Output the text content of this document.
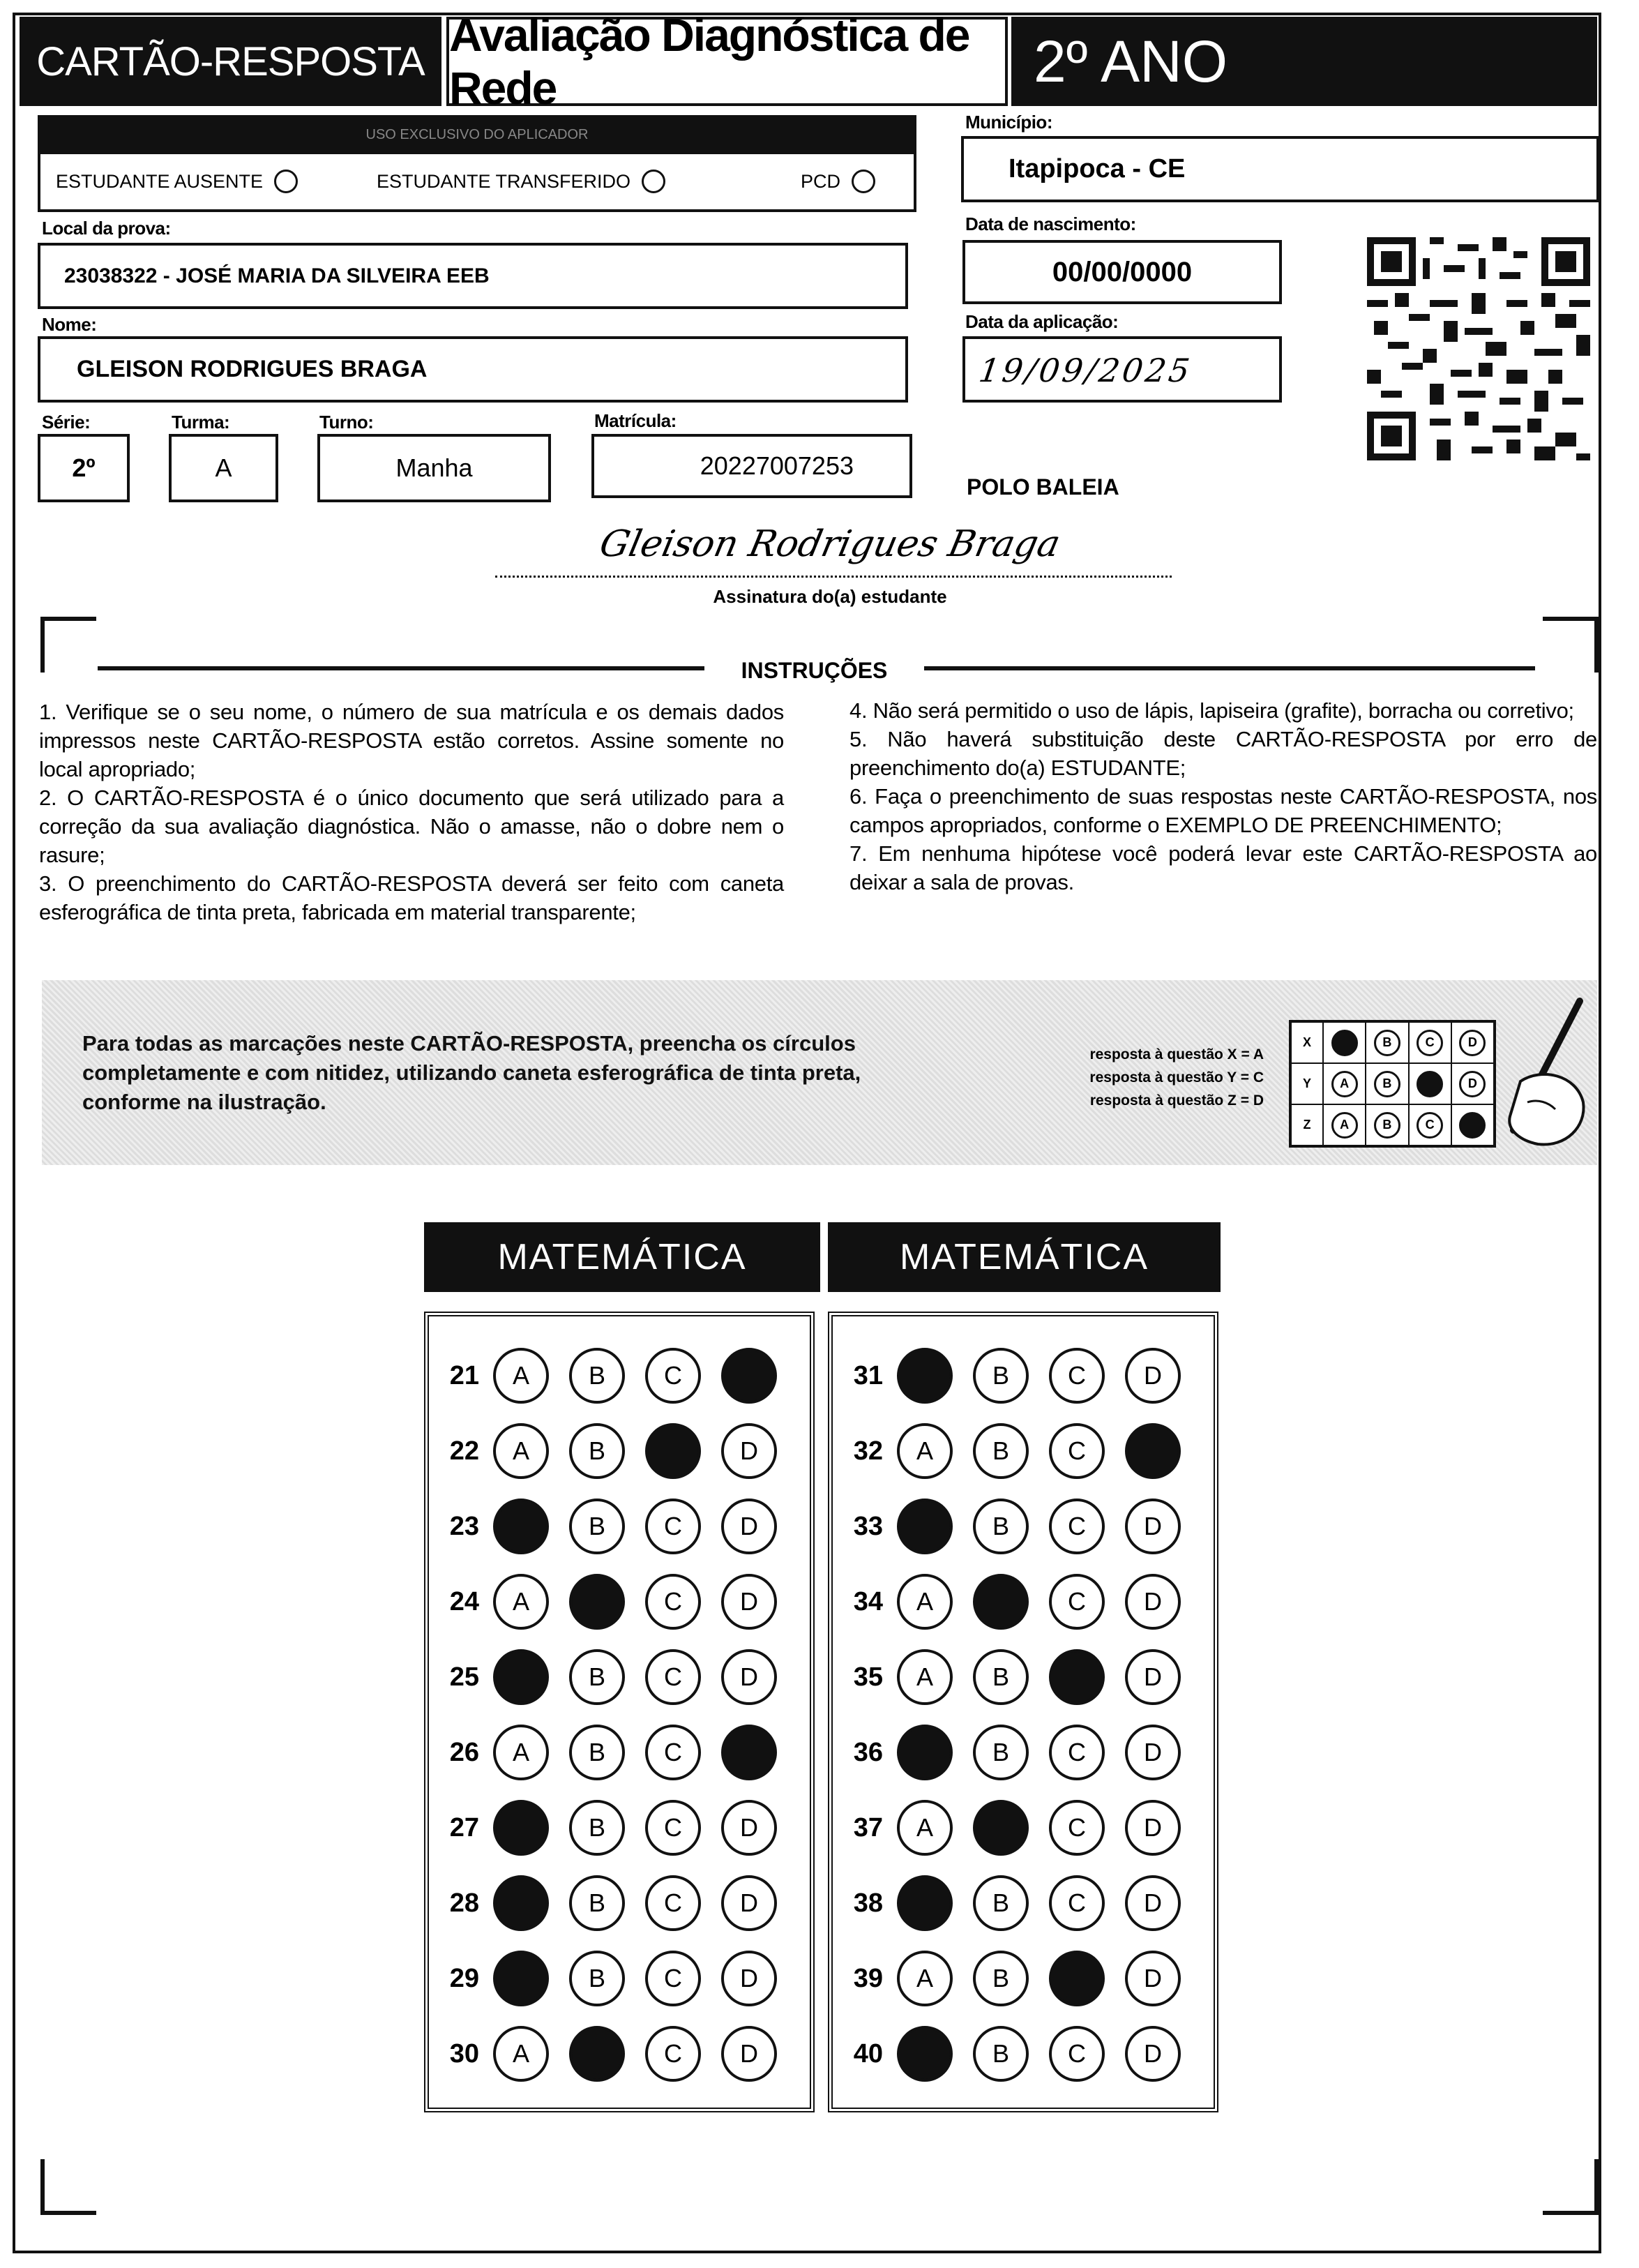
CARTÃO-RESPOSTA
Avaliação Diagnóstica de Rede	2º ANO
USO EXCLUSIVO DO APLICADOR
ESTUDANTE AUSENTE	ESTUDANTE TRANSFERIDO	PCD
Local da prova:
23038322 - JOSÉ MARIA DA SILVEIRA EEB
Nome:
GLEISON RODRIGUES BRAGA
Série:
2º
Turma:
A
Turno:
Manha
Matrícula:
20227007253
Município:
Itapipoca - CE
Data de nascimento:
00/00/0000
Data da aplicação:
19/09/2025
POLO BALEIA
Gleison Rodrigues Braga
Assinatura do(a) estudante
INSTRUÇÕES

1. Verifique se o seu nome, o número de sua matrícula e os demais dados impressos neste CARTÃO-RESPOSTA estão corretos. Assine somente no local apropriado;

2. O CARTÃO-RESPOSTA é o único documento que será utilizado para a correção da sua avaliação diagnóstica. Não o amasse, não o dobre nem o rasure;

3. O preenchimento do CARTÃO-RESPOSTA deverá ser feito com caneta esferográfica de tinta preta, fabricada em material transparente;

4. Não será permitido o uso de lápis, lapiseira (grafite), borracha ou corretivo;

5. Não haverá substituição deste CARTÃO-RESPOSTA por erro de preenchimento do(a) ESTUDANTE;

6. Faça o preenchimento de suas respostas neste CARTÃO-RESPOSTA, nos campos apropriados, conforme o EXEMPLO DE PREENCHIMENTO;

7. Em nenhuma hipótese você poderá levar este CARTÃO-RESPOSTA ao deixar a sala de provas.

Para todas as marcações neste CARTÃO-RESPOSTA, preencha os círculos completamente e com nitidez, utilizando caneta esferográfica de tinta preta, conforme na ilustração.
resposta à questão X = A
resposta à questão Y = C
resposta à questão Z = D
X	B	C	D
Y	A	B	D
Z	A	B	C
MATEMÁTICA	MATEMÁTICA
21	A	B	C
22	A	B	D
23	B	C	D
24	A	C	D
25	B	C	D
26	A	B	C
27	B	C	D
28	B	C	D
29	B	C	D
30	A	C	D
31	B	C	D
32	A	B	C
33	B	C	D
34	A	C	D
35	A	B	D
36	B	C	D
37	A	C	D
38	B	C	D
39	A	B	D
40	B	C	D
